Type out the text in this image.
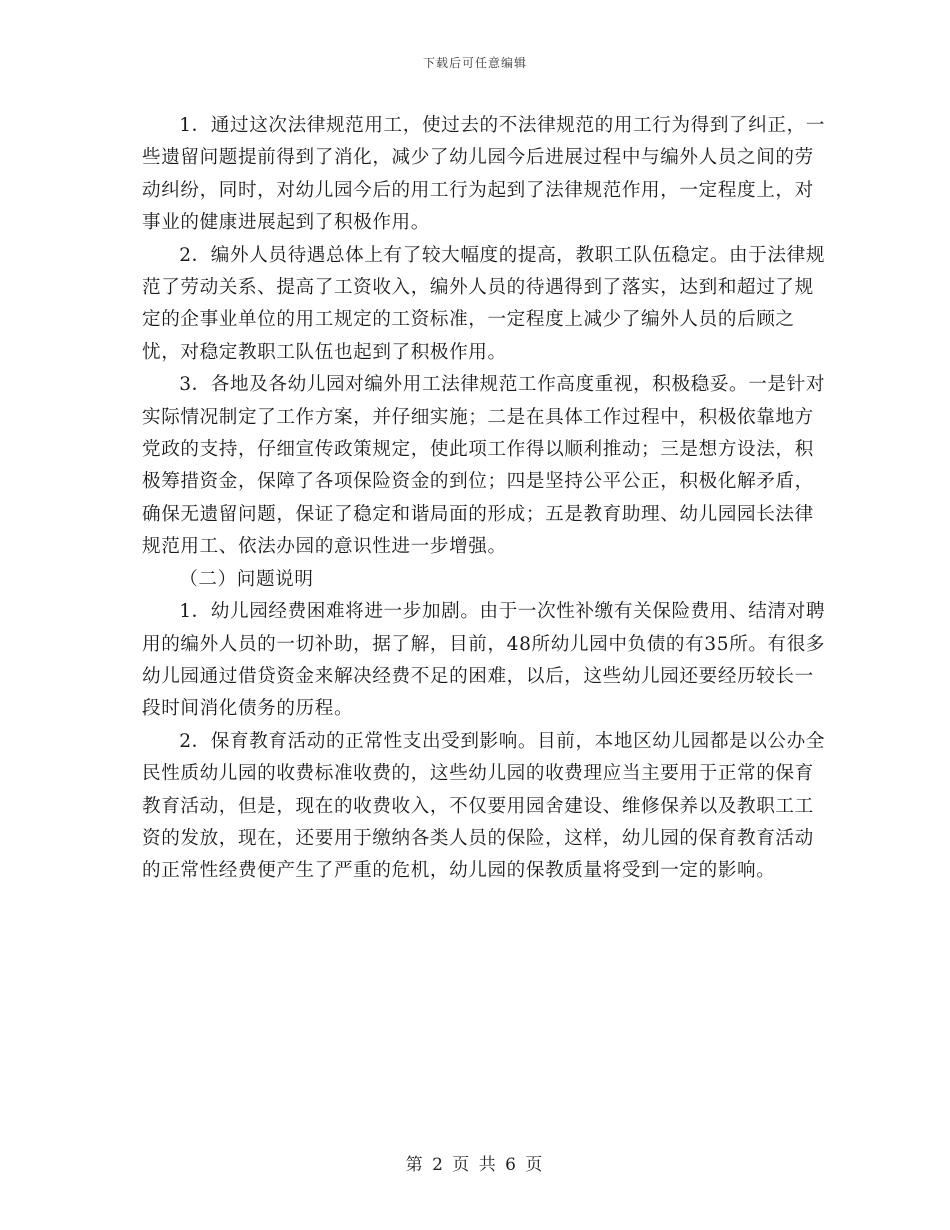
下载后可任意编辑

1．通过这次法律规范用工，使过去的不法律规范的用工行为得到了纠正，一些遗留问题提前得到了消化，减少了幼儿园今后进展过程中与编外人员之间的劳动纠纷，同时，对幼儿园今后的用工行为起到了法律规范作用，一定程度上，对事业的健康进展起到了积极作用。

2．编外人员待遇总体上有了较大幅度的提高，教职工队伍稳定。由于法律规范了劳动关系、提高了工资收入，编外人员的待遇得到了落实，达到和超过了规定的企事业单位的用工规定的工资标准，一定程度上减少了编外人员的后顾之忧，对稳定教职工队伍也起到了积极作用。

3．各地及各幼儿园对编外用工法律规范工作高度重视，积极稳妥。一是针对实际情况制定了工作方案，并仔细实施；二是在具体工作过程中，积极依靠地方党政的支持，仔细宣传政策规定，使此项工作得以顺利推动；三是想方设法，积极筹措资金，保障了各项保险资金的到位；四是坚持公平公正，积极化解矛盾，确保无遗留问题，保证了稳定和谐局面的形成；五是教育助理、幼儿园园长法律规范用工、依法办园的意识性进一步增强。

（二）问题说明

1．幼儿园经费困难将进一步加剧。由于一次性补缴有关保险费用、结清对聘用的编外人员的一切补助，据了解，目前，48所幼儿园中负债的有35所。有很多幼儿园通过借贷资金来解决经费不足的困难，以后，这些幼儿园还要经历较长一段时间消化债务的历程。

2．保育教育活动的正常性支出受到影响。目前，本地区幼儿园都是以公办全民性质幼儿园的收费标准收费的，这些幼儿园的收费理应当主要用于正常的保育教育活动，但是，现在的收费收入，不仅要用园舍建设、维修保养以及教职工工资的发放，现在，还要用于缴纳各类人员的保险，这样，幼儿园的保育教育活动的正常性经费便产生了严重的危机，幼儿园的保教质量将受到一定的影响。

第 2 页 共 6 页
